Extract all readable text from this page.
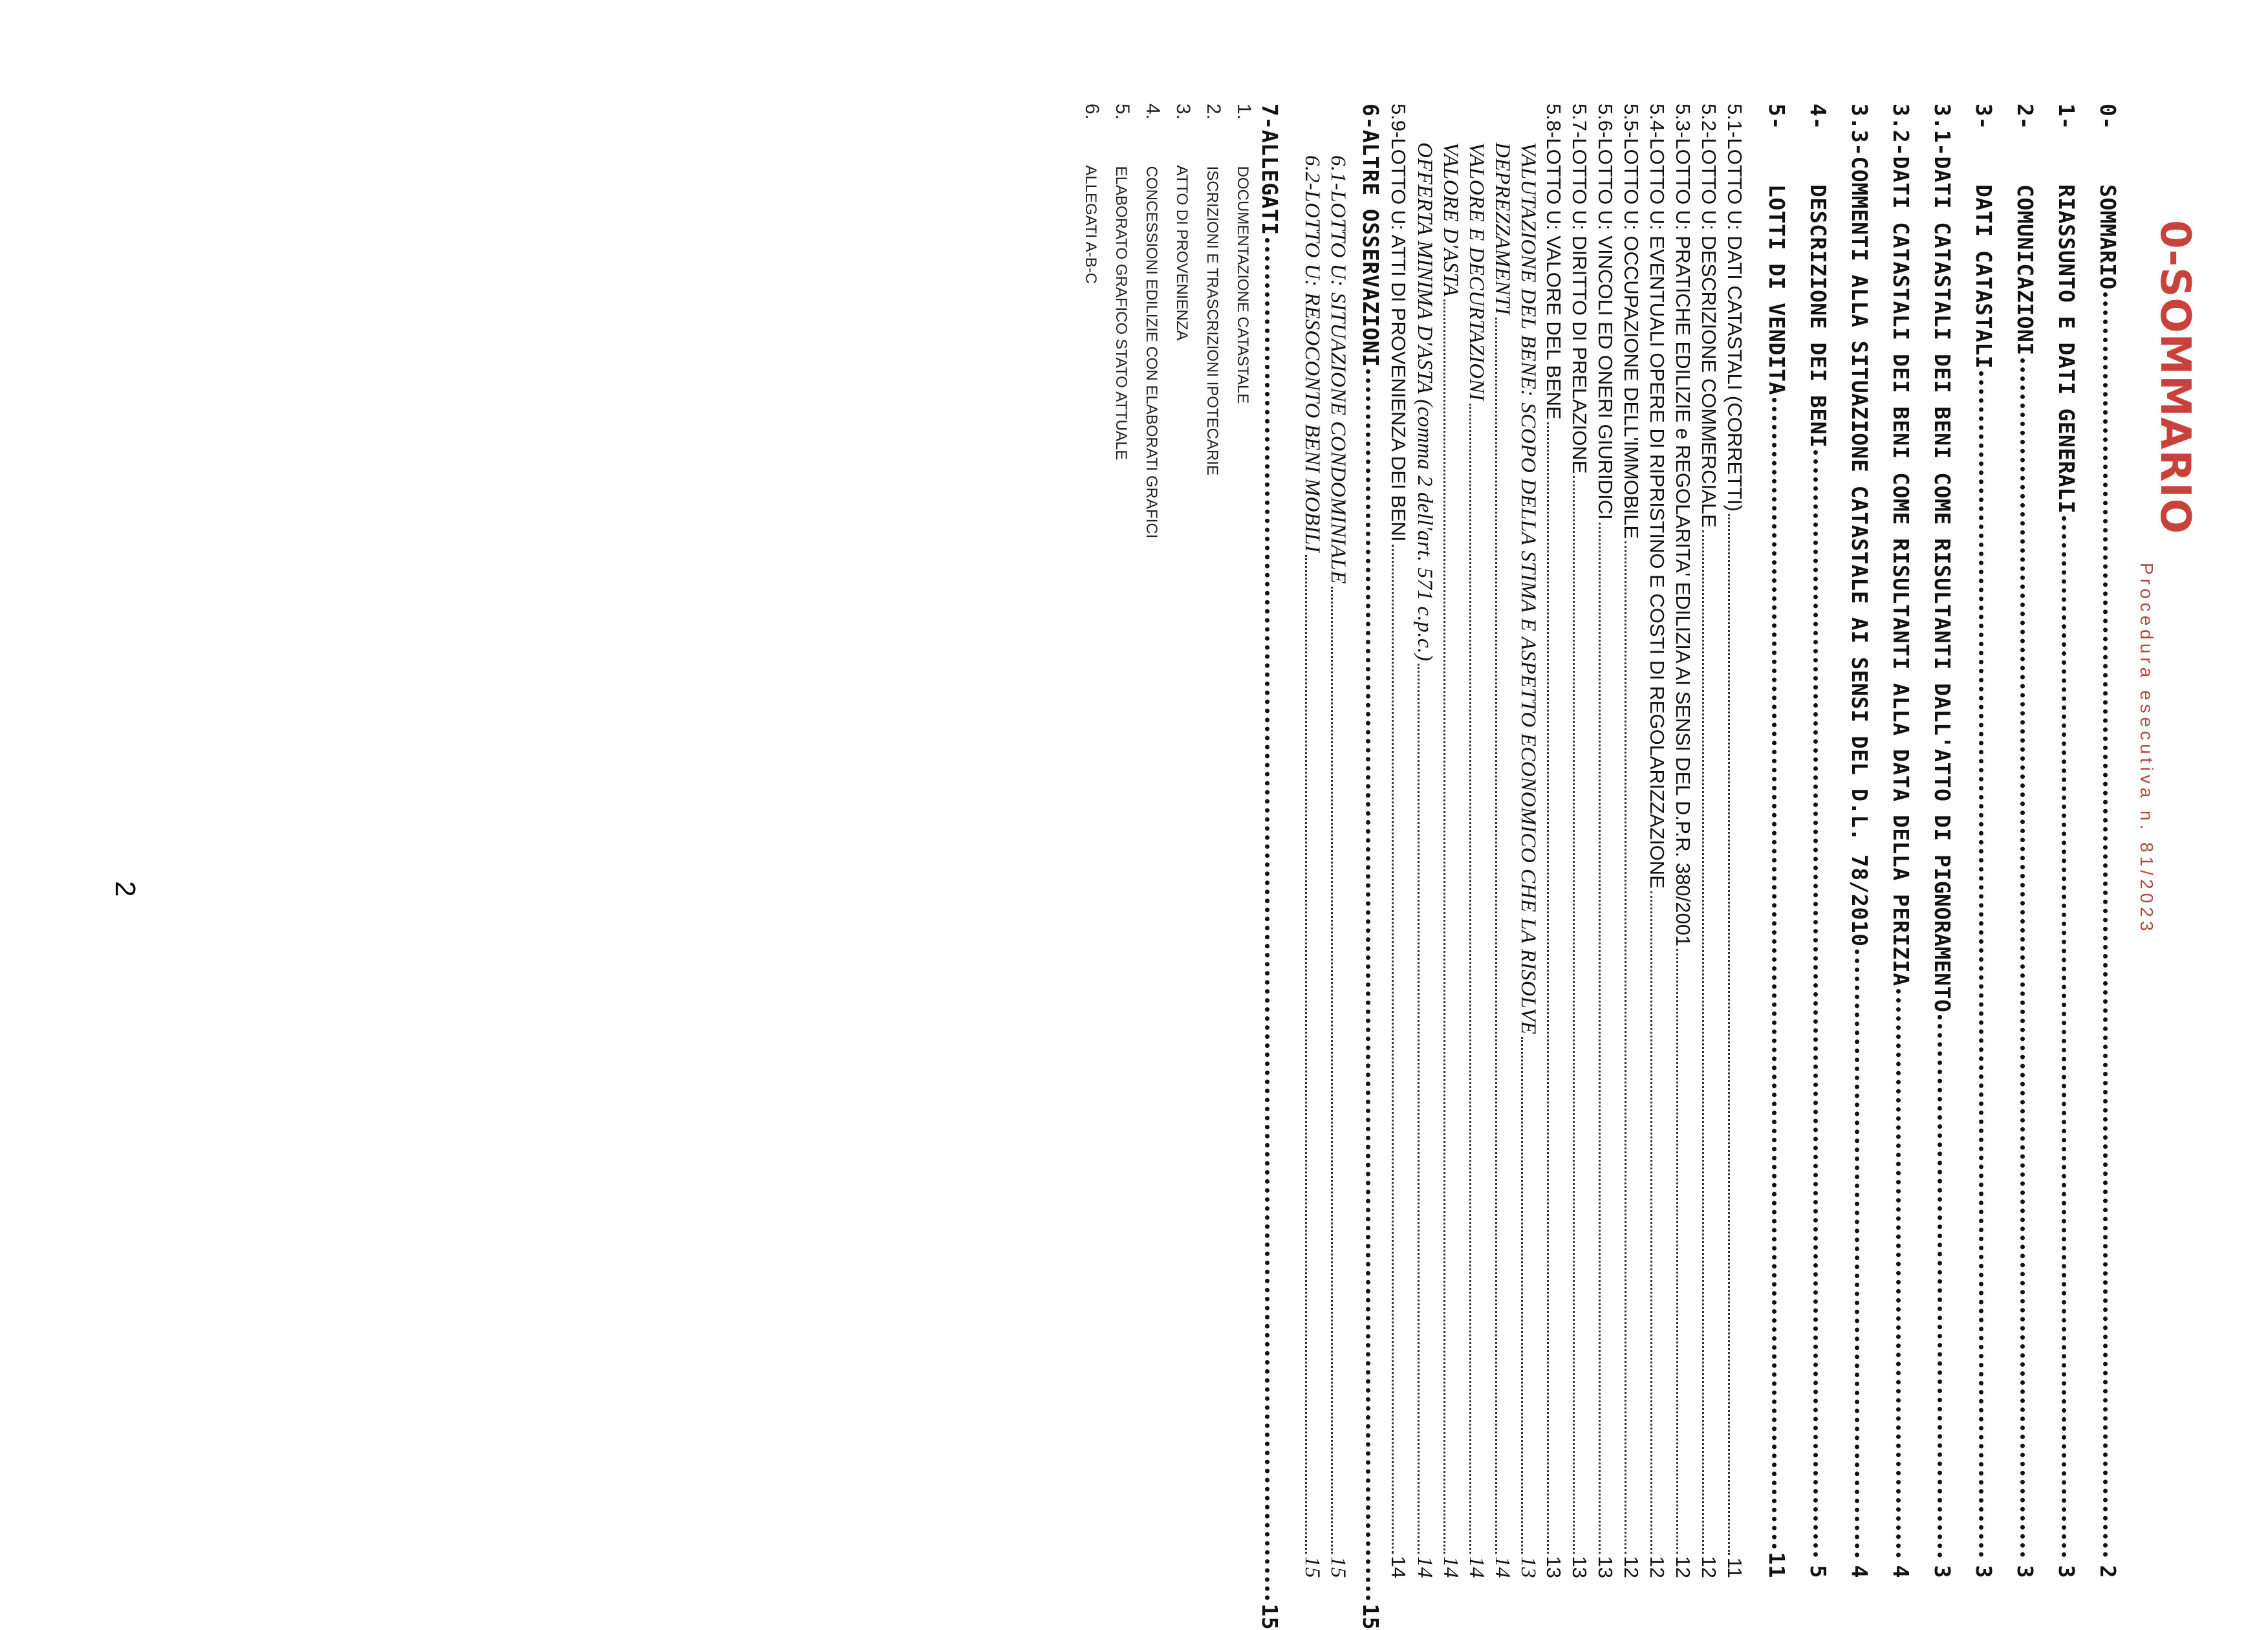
Procedura esecutiva n. 81/2023
2
0-SOMMARIO
0-
SOMMARIO
2
1-
RIASSUNTO E DATI GENERALI
3
2-
COMUNICAZIONI
3
3-
DATI CATASTALI
3
3.1-DATI CATASTALI DEI BENI COME RISULTANTI DALL'ATTO DI PIGNORAMENTO
3
3.2-DATI CATASTALI DEI BENI COME RISULTANTI ALLA DATA DELLA PERIZIA
4
3.3-COMMENTI ALLA SITUAZIONE CATASTALE AI SENSI DEL D.L. 78/2010
4
4-
DESCRIZIONE DEI BENI
5
5-
LOTTI DI VENDITA
11
5.1-LOTTO U: DATI CATASTALI (CORRETTI)
11
5.2-LOTTO U: DESCRIZIONE COMMERCIALE
12
5.3-LOTTO U: PRATICHE EDILIZIE e REGOLARITA' EDILIZIA AI SENSI DEL D.P.R. 380/2001
12
5.4-LOTTO U: EVENTUALI OPERE DI RIPRISTINO E COSTI DI REGOLARIZZAZIONE
12
5.5-LOTTO U: OCCUPAZIONE DELL'IMMOBILE
12
5.6-LOTTO U: VINCOLI ED ONERI GIURIDICI
13
5.7-LOTTO U: DIRITTO DI PRELAZIONE
13
5.8-LOTTO U: VALORE DEL BENE
13
VALUTAZIONE DEL BENE: SCOPO DELLA STIMA E ASPETTO ECONOMICO CHE LA RISOLVE
13
DEPREZZAMENTI
14
VALORE E DECURTAZIONI
14
VALORE D'ASTA
14
OFFERTA MINIMA D'ASTA (comma 2 dell'art. 571 c.p.c.)
14
5.9-LOTTO U: ATTI DI PROVENIENZA DEI BENI
14
6-ALTRE OSSERVAZIONI
15
6.1-LOTTO U: SITUAZIONE CONDOMINIALE
15
6.2-LOTTO U: RESOCONTO BENI MOBILI
15
7-ALLEGATI
15
1. DOCUMENTAZIONE CATASTALE
2. ISCRIZIONI E TRASCRIZIONI IPOTECARIE
3. ATTO DI PROVENIENZA
4. CONCESSIONI EDILIZIE CON ELABORATI GRAFICI
5. ELABORATO GRAFICO STATO ATTUALE
6. ALLEGATI A-B-C
